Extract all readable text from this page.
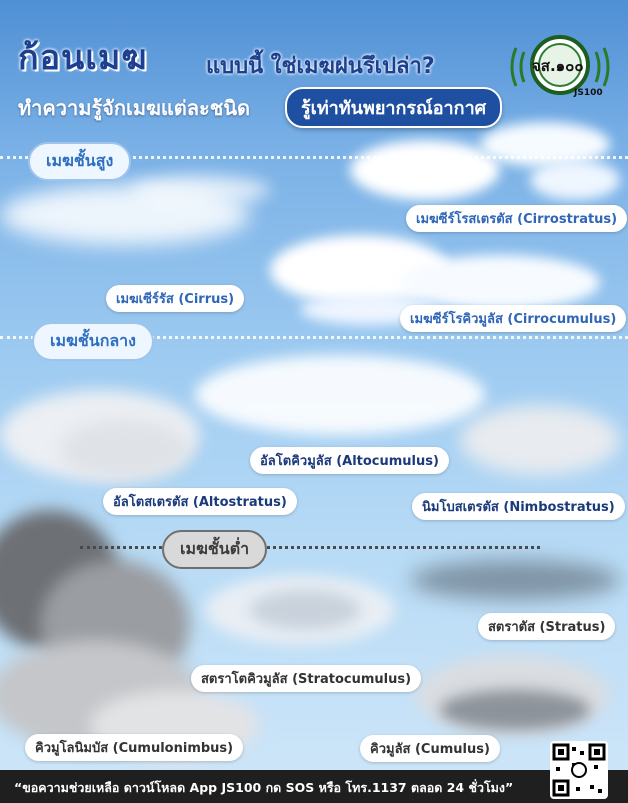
ก้อนเมฆ	แบบนี้ ใช่เมฆฝนรึเปล่า?
ทำความรู้จักเมฆแต่ละชนิด	รู้เท่าทันพยากรณ์อากาศ
จส.๑๐๐
JS100
เมฆชั้นสูง
เมฆชั้นกลาง
เมฆชั้นต่ำ
เมฆซีร์โรสเตรตัส (Cirrostratus)
เมฆเซีร์รัส (Cirrus)
เมฆซีร์โรคิวมูลัส (Cirrocumulus)
อัลโตคิวมูลัส (Altocumulus)
อัลโตสเตรตัส (Altostratus)	นิมโบสเตรตัส (Nimbostratus)
สตราตัส (Stratus)
สตราโตคิวมูลัส (Stratocumulus)
คิวมูโลนิมบัส (Cumulonimbus)	คิวมูลัส (Cumulus)
“ขอความช่วยเหลือ ดาวน์โหลด App JS100 กด SOS หรือ โทร.1137 ตลอด 24 ชั่วโมง”
